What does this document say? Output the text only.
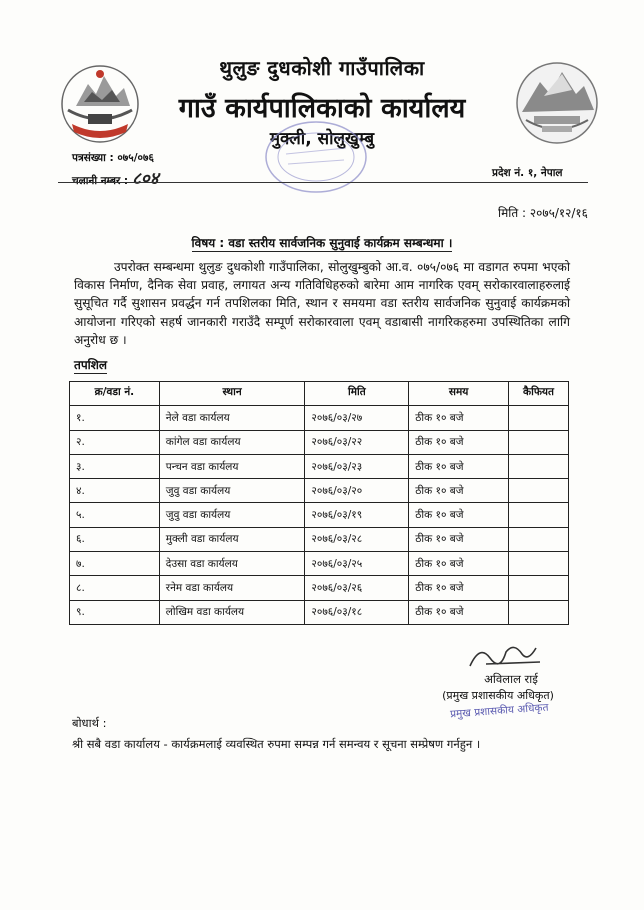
थुलुङ दुधकोशी गाउँपालिका
गाउँ कार्यपालिकाको कार्यालय
मुक्ली, सोलुखुम्बु
पत्रसंख्या : ०७५/०७६
चलानी नम्बर : ८०४	प्रदेश नं. १, नेपाल
मिति : २०७५/१२/१६
विषय : वडा स्तरीय सार्वजनिक सुनुवाई कार्यक्रम सम्बन्धमा ।
उपरोक्त सम्बन्धमा थुलुङ दुधकोशी गाउँपालिका, सोलुखुम्बुको आ.व. ०७५/०७६ मा वडागत रुपमा भएको विकास निर्माण, दैनिक सेवा प्रवाह, लगायत अन्य गतिविधिहरुको बारेमा आम नागरिक एवम् सरोकारवालाहरुलाई सुसूचित गर्दै सुशासन प्रवर्द्धन गर्न तपशिलका मिति, स्थान र समयमा वडा स्तरीय सार्वजनिक सुनुवाई कार्यक्रमको आयोजना गरिएको सहर्ष जानकारी गराउँदै सम्पूर्ण सरोकारवाला एवम् वडाबासी नागरिकहरुमा उपस्थितिका लागि अनुरोध छ ।
तपशिल
क्र/वडा नं.	स्थान	मिति	समय	कैफियत
१.	नेले वडा कार्यलय	२०७६/०३/२७	ठीक १० बजे	
२.	कांगेल वडा कार्यलय	२०७६/०३/२२	ठीक १० बजे	
३.	पन्चन वडा कार्यलय	२०७६/०३/२३	ठीक १० बजे	
४.	जुवु वडा कार्यलय	२०७६/०३/२०	ठीक १० बजे	
५.	जुवु वडा कार्यलय	२०७६/०३/१९	ठीक १० बजे	
६.	मुक्ली वडा कार्यलय	२०७६/०३/२८	ठीक १० बजे	
७.	देउसा वडा कार्यलय	२०७६/०३/२५	ठीक १० बजे	
८.	रनेम वडा कार्यलय	२०७६/०३/२६	ठीक १० बजे	
९.	लोखिम वडा कार्यलय	२०७६/०३/१८	ठीक १० बजे	
अविलाल राई
(प्रमुख प्रशासकीय अधिकृत)
प्रमुख प्रशासकीय अधिकृत
बोधार्थ :
श्री सबै वडा कार्यालय - कार्यक्रमलाई व्यवस्थित रुपमा सम्पन्न गर्न समन्वय र सूचना सम्प्रेषण गर्नहुन ।
